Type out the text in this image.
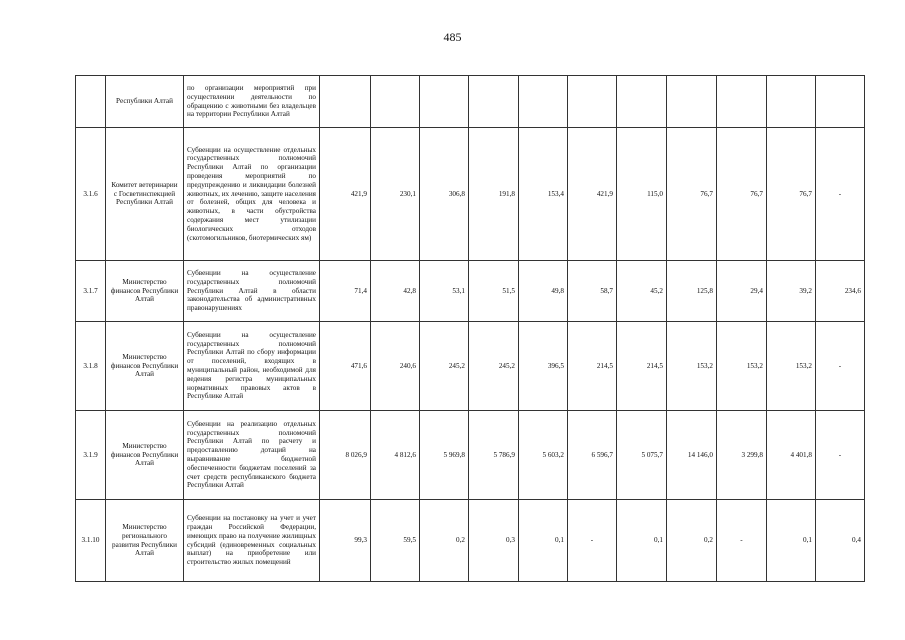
485
	Республики Алтай	по организации мероприятий при осуществлении деятельности по обращению с животными без владельцев на территории Республики Алтай											
3.1.6	Комитет ветеринарии с Госветинспекцией Республики Алтай	Субвенции на осуществление отдельных государственных полномочий Республики Алтай по организации проведения мероприятий по предупреждению и ликвидации болезней животных, их лечению, защите населения от болезней, общих для человека и животных, в части обустройства содержания мест утилизации биологических отходов (скотомогильников, биотермических ям)	421,9	230,1	306,8	191,8	153,4	421,9	115,0	76,7	76,7	76,7	-
3.1.7	Министерство финансов Республики Алтай	Субвенции на осуществление государственных полномочий Республики Алтай в области законодательства об административных правонарушениях	71,4	42,8	53,1	51,5	49,8	58,7	45,2	125,8	29,4	39,2	234,6
3.1.8	Министерство финансов Республики Алтай	Субвенции на осуществление государственных полномочий Республики Алтай по сбору информации от поселений, входящих в муниципальный район, необходимой для ведения регистра муниципальных нормативных правовых актов в Республике Алтай	471,6	240,6	245,2	245,2	396,5	214,5	214,5	153,2	153,2	153,2	-
3.1.9	Министерство финансов Республики Алтай	Субвенции на реализацию отдельных государственных полномочий Республики Алтай по расчету и предоставлению дотаций на выравнивание бюджетной обеспеченности бюджетам поселений за счет средств республиканского бюджета Республики Алтай	8 026,9	4 812,6	5 969,8	5 786,9	5 603,2	6 596,7	5 075,7	14 146,0	3 299,8	4 401,8	-
3.1.10	Министерство регионального развития Республики Алтай	Субвенции на постановку на учет и учет граждан Российской Федерации, имеющих право на получение жилищных субсидий (единовременных социальных выплат) на приобретение или строительство жилых помещений	99,3	59,5	0,2	0,3	0,1	-	0,1	0,2	-	0,1	0,4
